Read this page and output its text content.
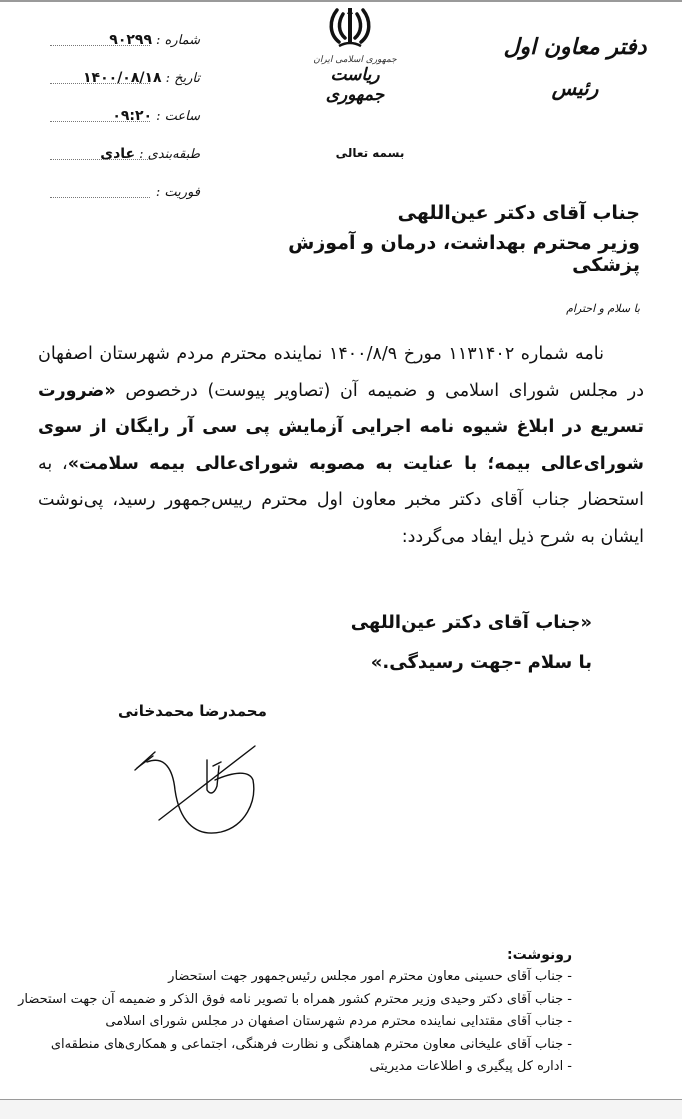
شماره :
۹۰۲۹۹
تاریخ :
۱۴۰۰/۰۸/۱۸
ساعت :
۰۹:۲۰
طبقه‌بندی :
عادی
فوریت :
جمهوری اسلامی ایران
ریاست جمهوری
بسمه تعالی
دفتر معاون اول
رئیس
جناب آقای دکتر عین‌اللهی
وزیر محترم بهداشت، درمان و آموزش پزشکی
با سلام و احترام
نامه شماره ۱۱۳۱۴۰۲ مورخ ۱۴۰۰/۸/۹ نماینده محترم مردم شهرستان اصفهان در مجلس شورای اسلامی و ضمیمه آن (تصاویر پیوست) درخصوص «ضرورت تسریع در ابلاغ شیوه نامه اجرایی آزمایش پی سی آر رایگان از سوی شورای‌عالی بیمه؛ با عنایت به مصوبه شورای‌عالی بیمه سلامت»، به استحضار جناب آقای دکتر مخبر معاون اول محترم رییس‌جمهور رسید، پی‌نوشت ایشان به شرح ذیل ایفاد می‌گردد:
«جناب آقای دکتر عین‌اللهی
با سلام -جهت رسیدگی.»
محمدرضا محمدخانی
رونوشت:
- جناب آقای حسینی معاون محترم امور مجلس رئیس‌جمهور جهت استحضار
- جناب آقای دکتر وحیدی وزیر محترم کشور همراه با تصویر نامه فوق الذکر و ضمیمه آن جهت استحضار
- جناب آقای مقتدایی نماینده محترم مردم شهرستان اصفهان در مجلس شورای اسلامی
- جناب آقای علیخانی معاون محترم هماهنگی و نظارت فرهنگی، اجتماعی و همکاری‌های منطقه‌ای
- اداره کل پیگیری و اطلاعات مدیریتی
